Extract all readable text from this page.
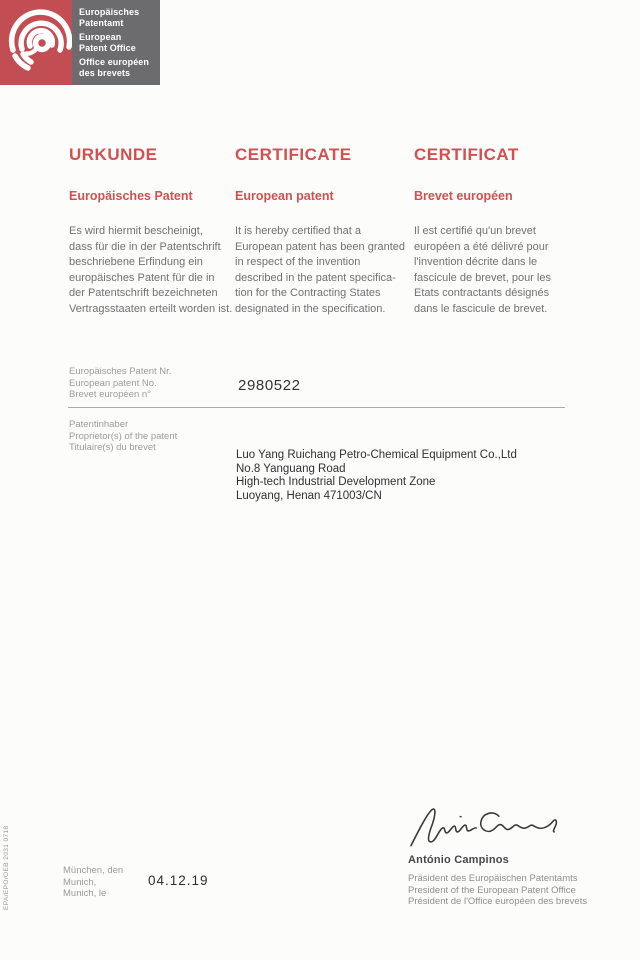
Europäisches
Patentamt
European
Patent Office
Office européen
des brevets
URKUNDE
Europäisches Patent
Es wird hiermit bescheinigt,
dass für die in der Patentschrift
beschriebene Erfindung ein
europäisches Patent für die in
der Patentschrift bezeichneten
Vertragsstaaten erteilt worden ist.
CERTIFICATE
European patent
It is hereby certified that a
European patent has been granted
in respect of the invention
described in the patent specifica-
tion for the Contracting States
designated in the specification.
CERTIFICAT
Brevet européen
Il est certifié qu'un brevet
européen a été délivré pour
l'invention décrite dans le
fascicule de brevet, pour les
Etats contractants désignés
dans le fascicule de brevet.
Europäisches Patent Nr.
European patent No.
Brevet européen n°
2980522
Patentinhaber
Proprietor(s) of the patent
Titulaire(s) du brevet
Luo Yang Ruichang Petro-Chemical Equipment Co.,Ltd
No.8 Yanguang Road
High-tech Industrial Development Zone
Luoyang, Henan 471003/CN
António Campinos
Präsident des Europäischen Patentamts
President of the European Patent Office
Président de l'Office européen des brevets
München, den
Munich,
Munich, le
04.12.19
EPA/EPO/OEB 2031 0718
